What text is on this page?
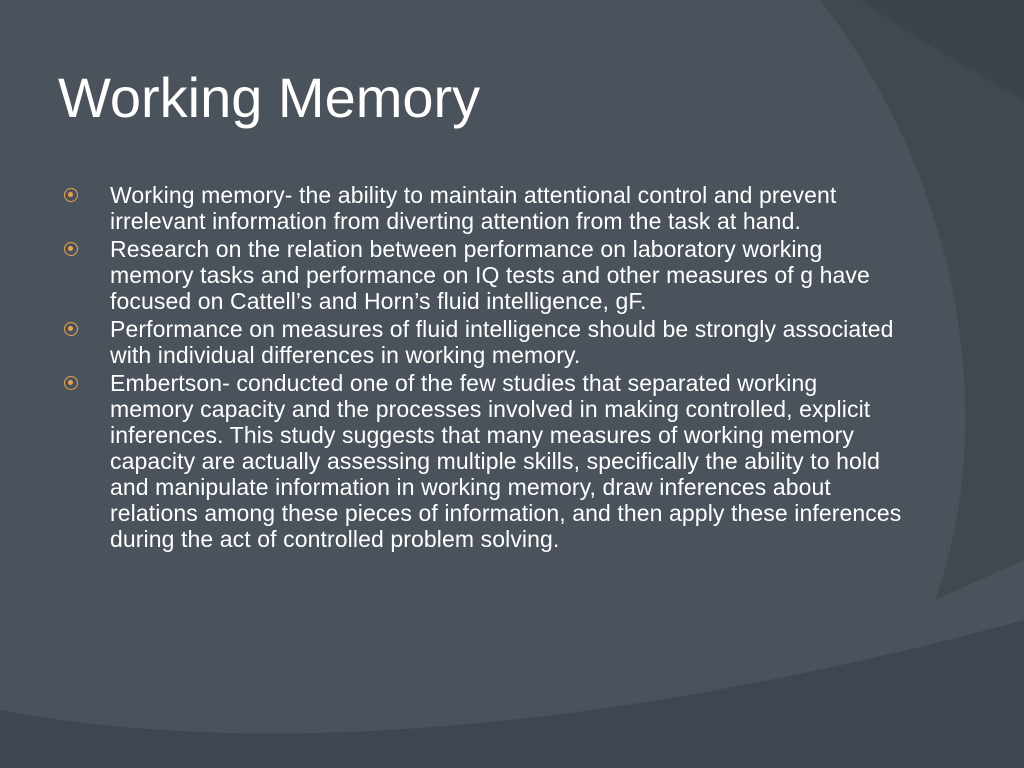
Working Memory
Working memory- the ability to maintain attentional control and prevent irrelevant information from diverting attention from the task at hand.
Research on the relation between performance on laboratory working memory tasks and performance on IQ tests and other measures of g have focused on Cattell’s and Horn’s fluid intelligence, gF.
Performance on measures of fluid intelligence should be strongly associated with individual differences in working memory.
Embertson- conducted one of the few studies that separated working memory capacity and the processes involved in making controlled, explicit inferences. This study suggests that many measures of working memory capacity are actually assessing multiple skills, specifically the ability to hold and manipulate information in working memory, draw inferences about relations among these pieces of information, and then apply these inferences during the act of controlled problem solving.
